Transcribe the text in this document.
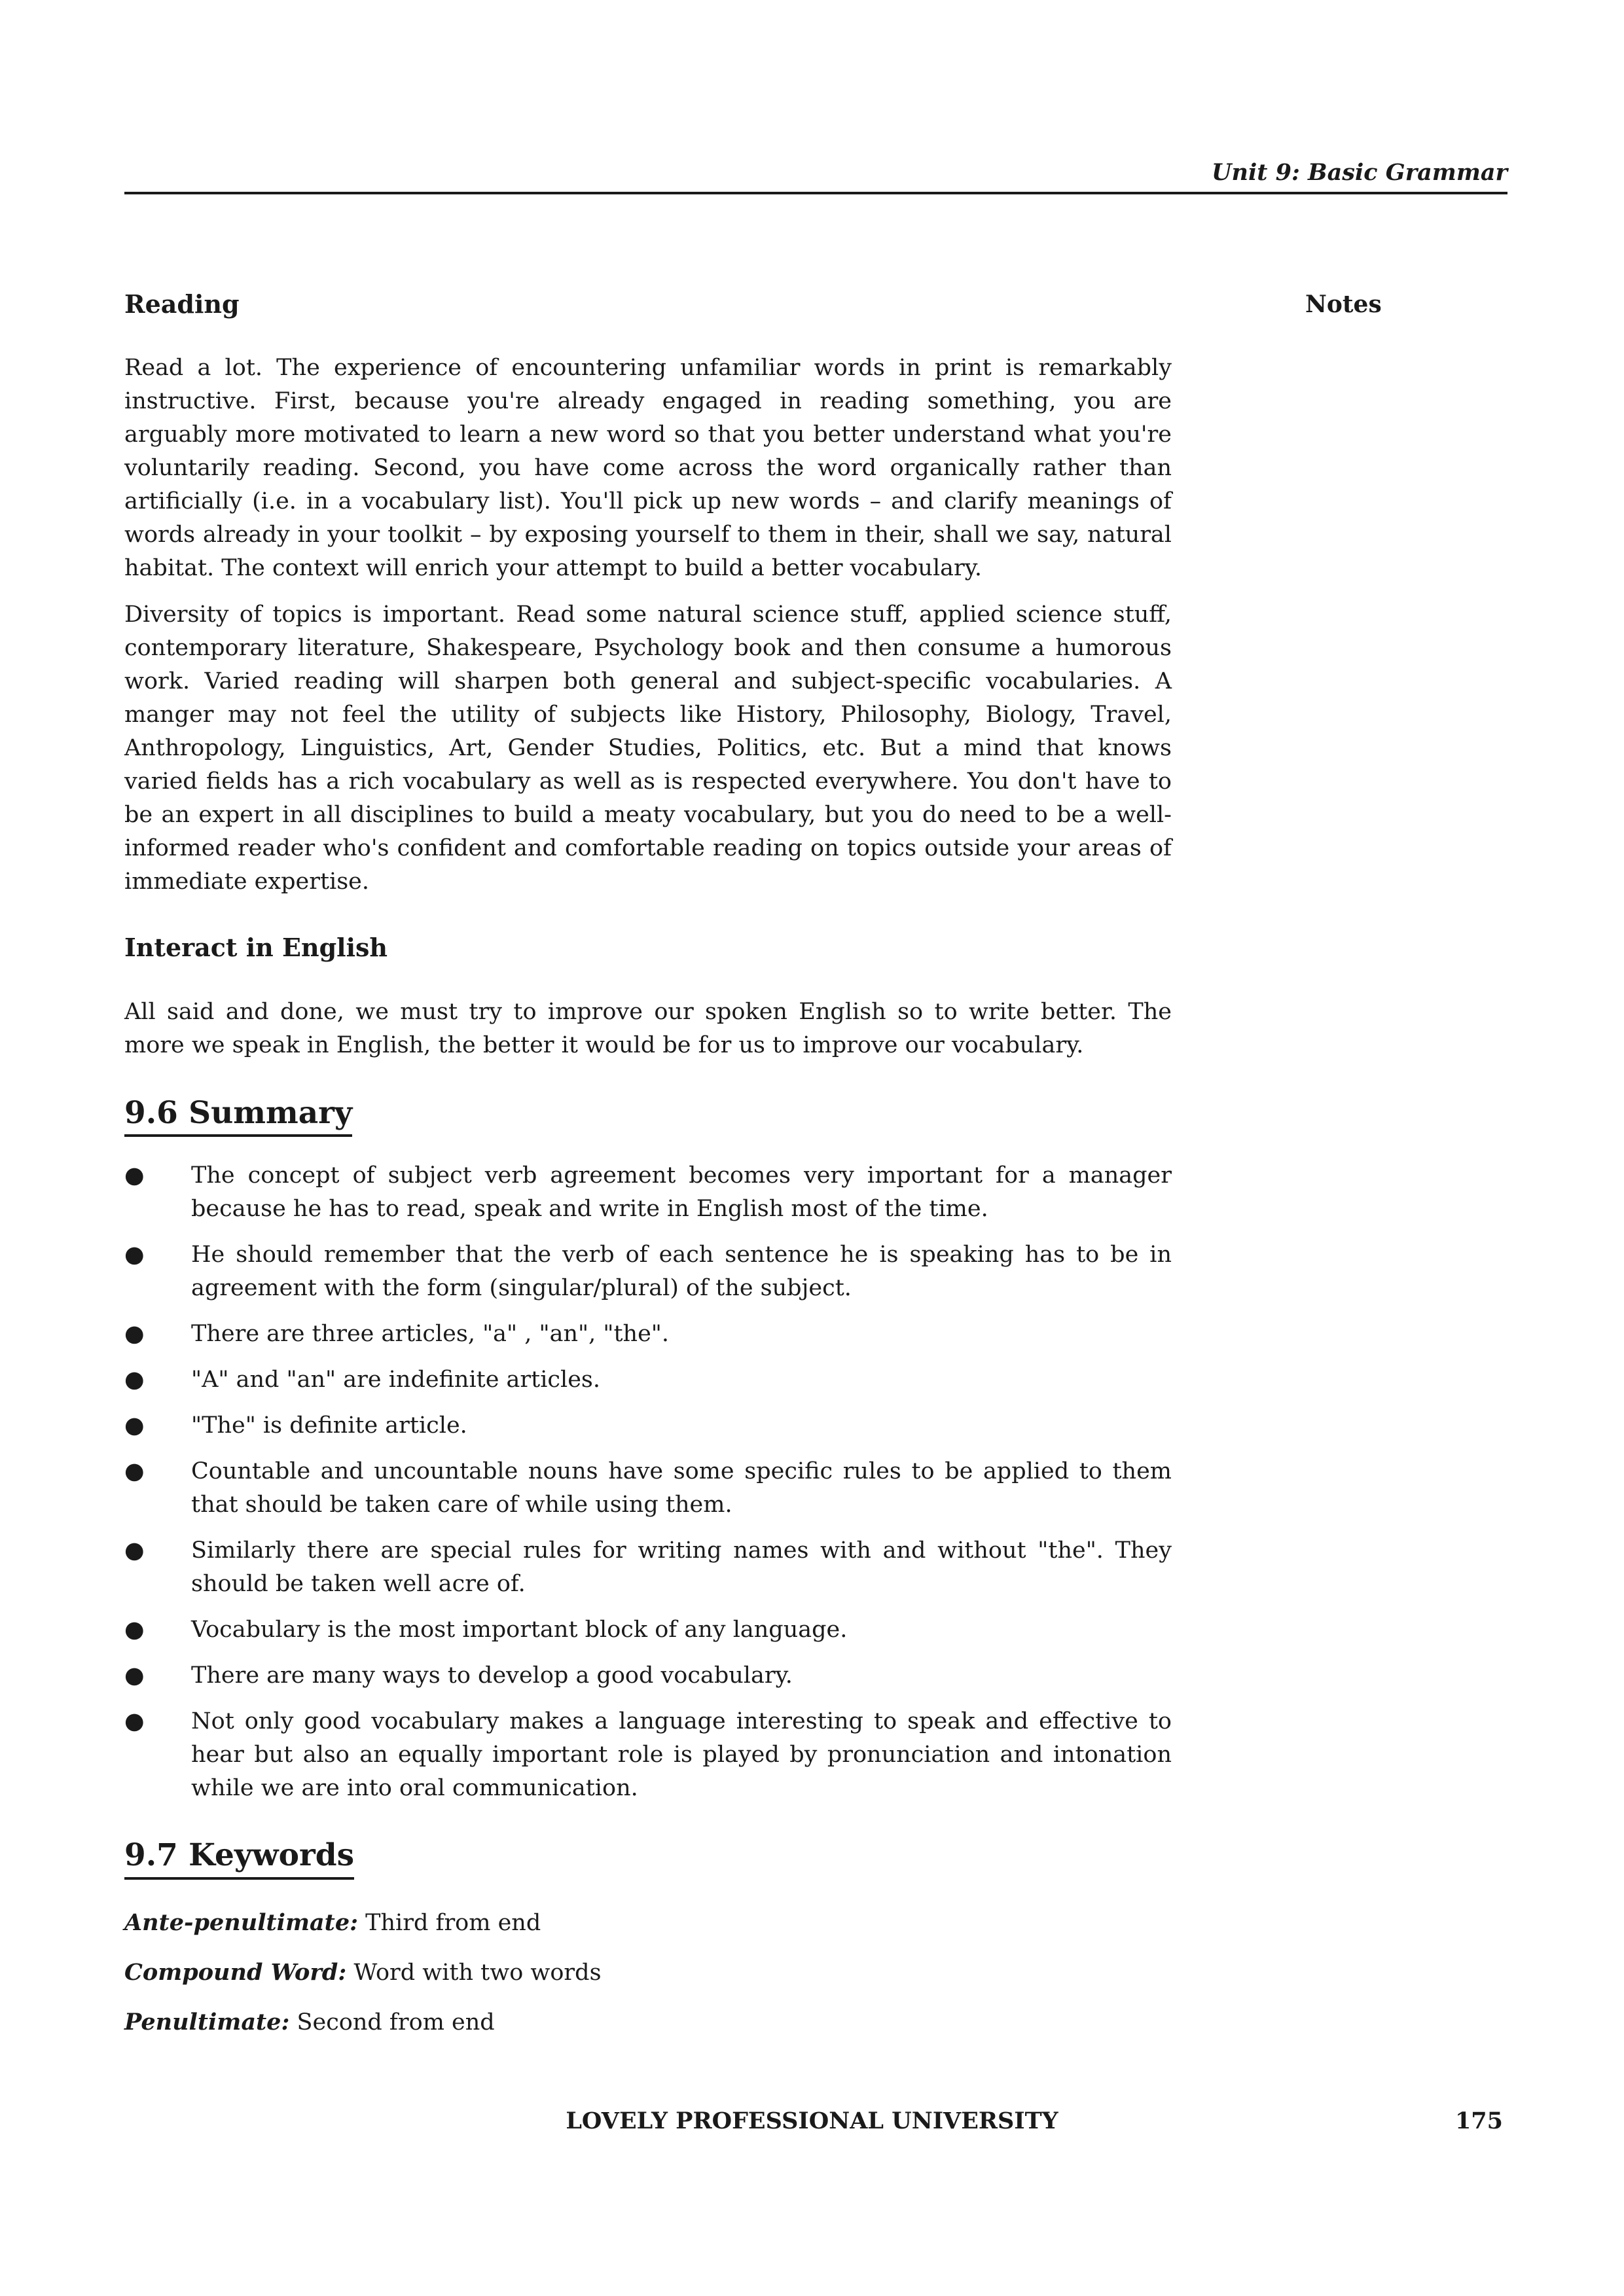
Unit 9: Basic Grammar
Notes
Reading

Read a lot. The experience of encountering unfamiliar words in print is remarkably instructive. First, because you're already engaged in reading something, you are arguably more motivated to learn a new word so that you better understand what you're voluntarily reading. Second, you have come across the word organically rather than artificially (i.e. in a vocabulary list). You'll pick up new words – and clarify meanings of words already in your toolkit – by exposing yourself to them in their, shall we say, natural habitat. The context will enrich your attempt to build a better vocabulary.

Diversity of topics is important. Read some natural science stuff, applied science stuff, contemporary literature, Shakespeare, Psychology book and then consume a humorous work. Varied reading will sharpen both general and subject-specific vocabularies. A manger may not feel the utility of subjects like History, Philosophy, Biology, Travel, Anthropology, Linguistics, Art, Gender Studies, Politics, etc. But a mind that knows varied fields has a rich vocabulary as well as is respected everywhere. You don't have to be an expert in all disciplines to build a meaty vocabulary, but you do need to be a well-informed reader who's confident and comfortable reading on topics outside your areas of immediate expertise.

Interact in English

All said and done, we must try to improve our spoken English so to write better. The more we speak in English, the better it would be for us to improve our vocabulary.

9.6 Summary
●	The concept of subject verb agreement becomes very important for a manager because he has to read, speak and write in English most of the time.
●	He should remember that the verb of each sentence he is speaking has to be in agreement with the form (singular/plural) of the subject.
●	There are three articles, "a" , "an", "the".
●	"A" and "an" are indefinite articles.
●	"The" is definite article.
●	Countable and uncountable nouns have some specific rules to be applied to them that should be taken care of while using them.
●	Similarly there are special rules for writing names with and without "the". They should be taken well acre of.
●	Vocabulary is the most important block of any language.
●	There are many ways to develop a good vocabulary.
●	Not only good vocabulary makes a language interesting to speak and effective to hear but also an equally important role is played by pronunciation and intonation while we are into oral communication.
9.7 Keywords

Ante-penultimate: Third from end

Compound Word: Word with two words

Penultimate: Second from end

LOVELY PROFESSIONAL UNIVERSITY	175
